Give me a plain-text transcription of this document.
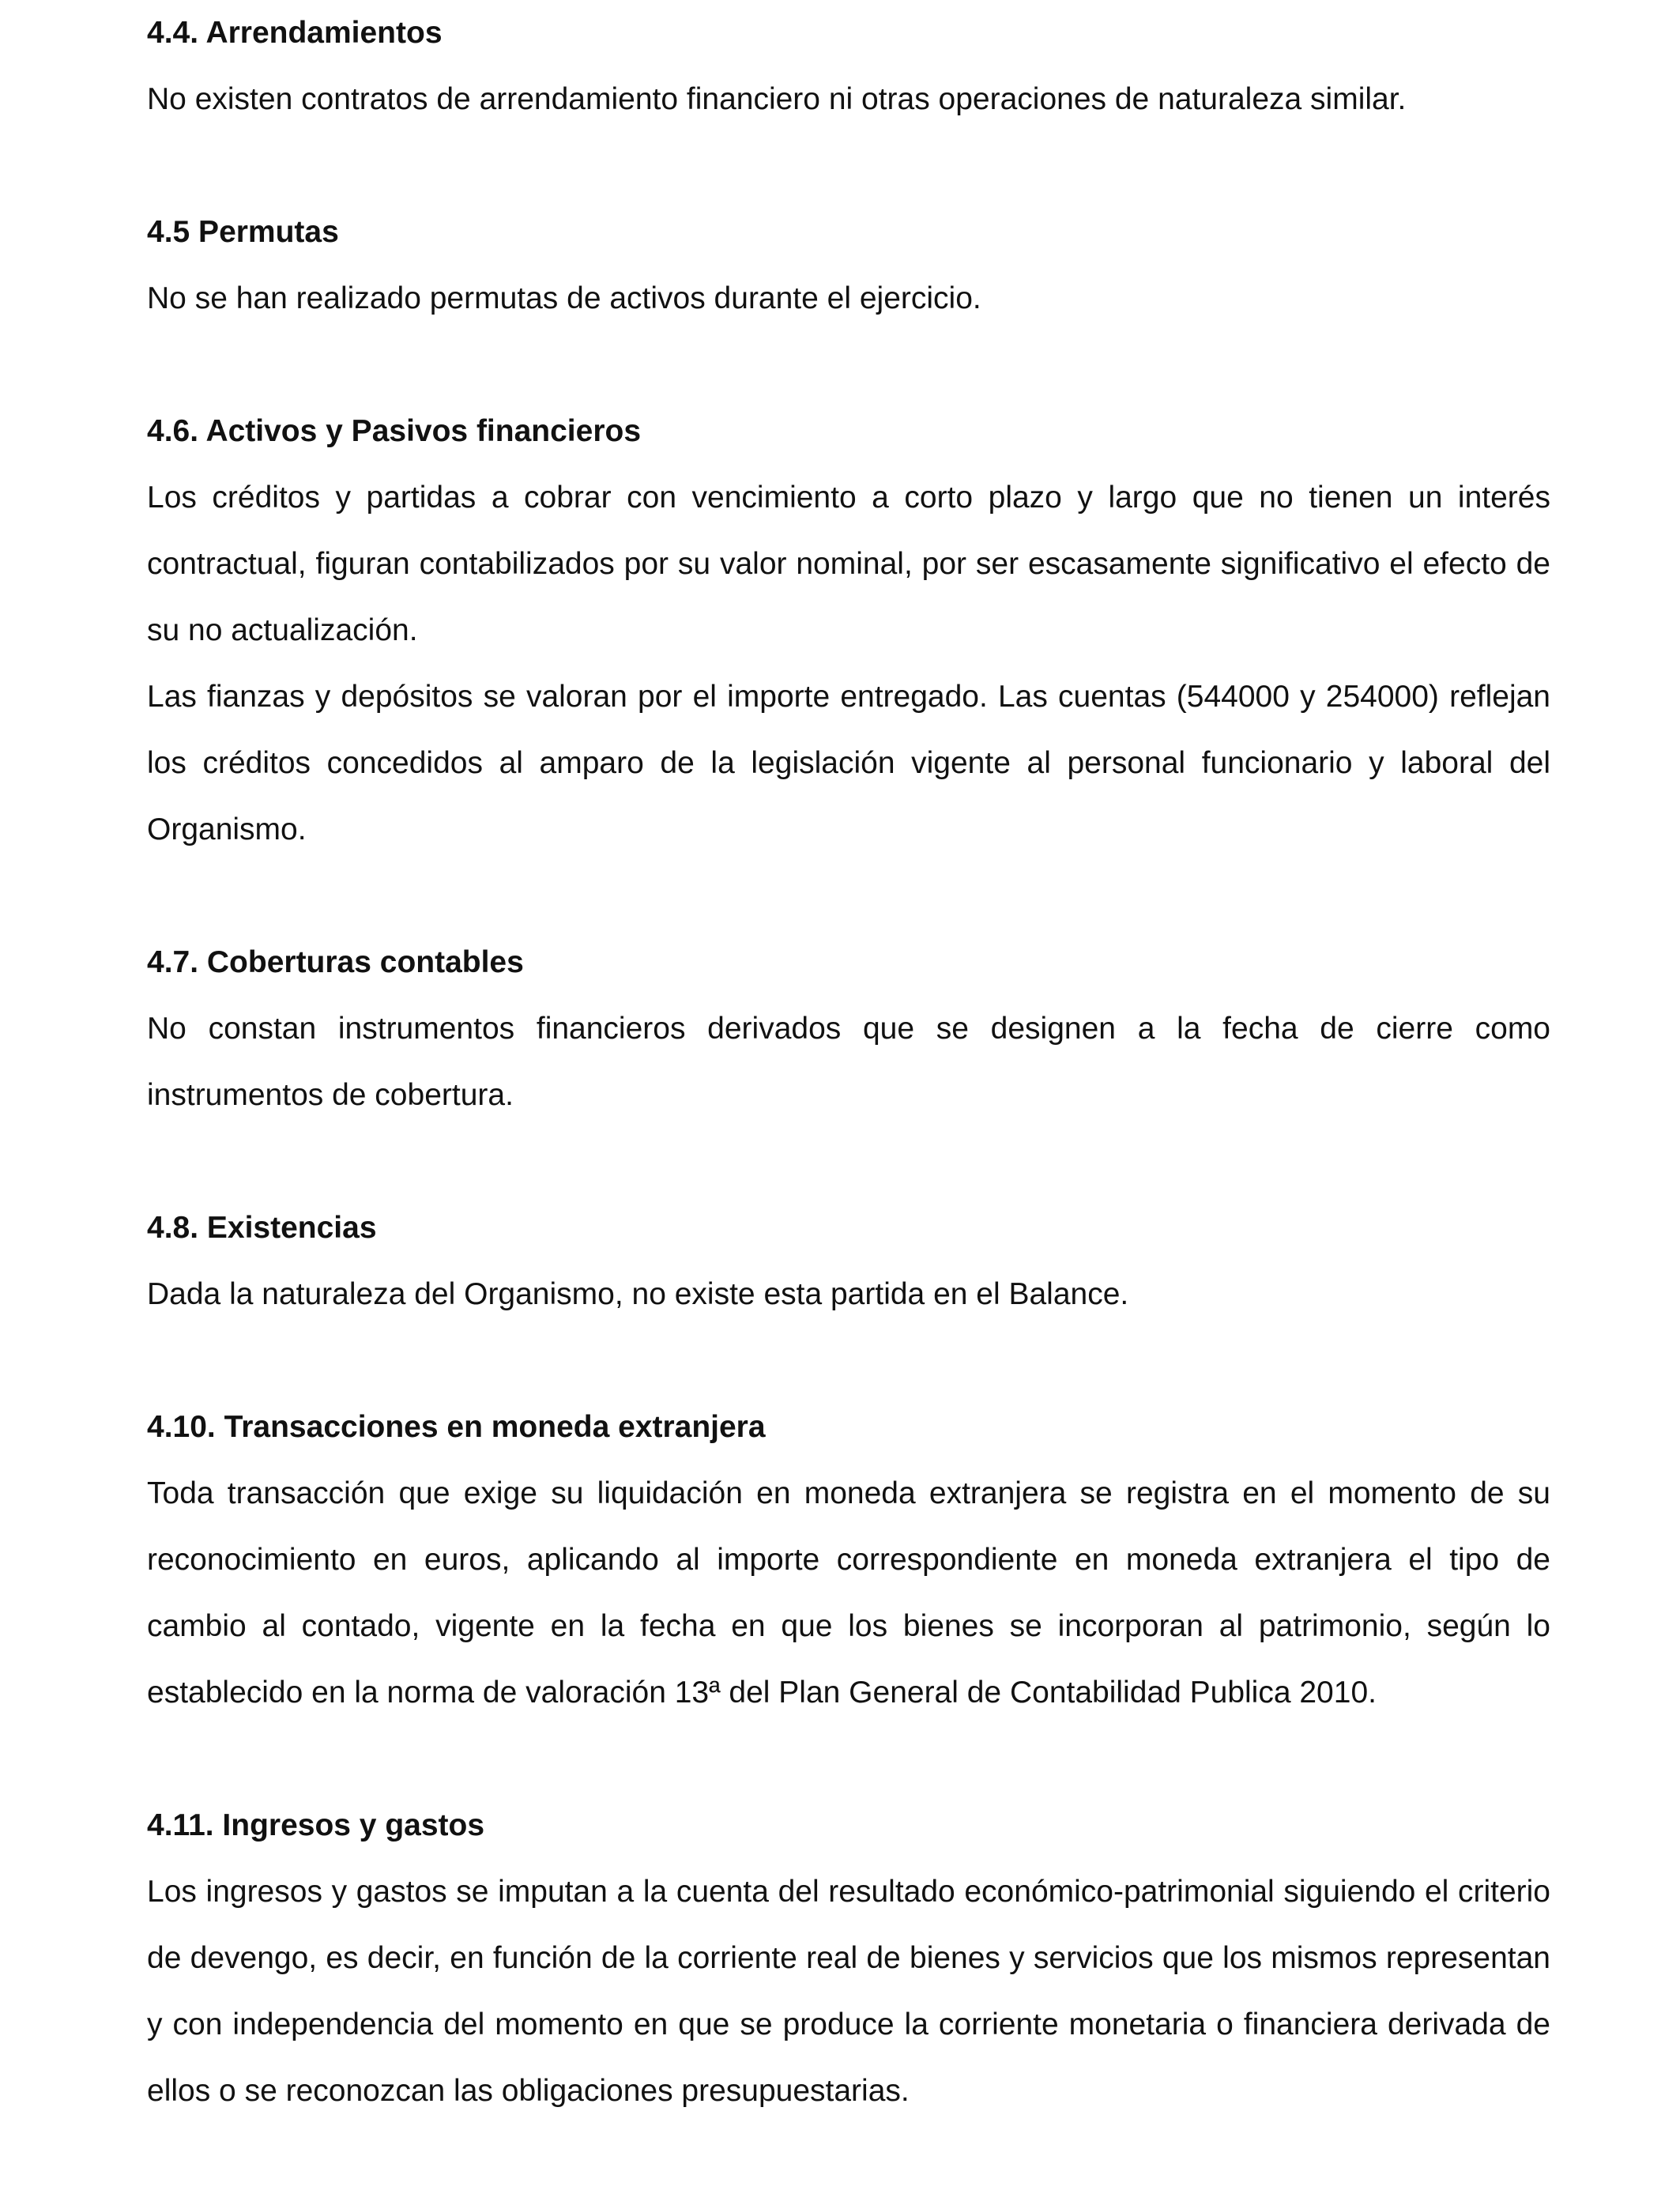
4.4. Arrendamientos

No existen contratos de arrendamiento financiero ni otras operaciones de naturaleza similar.

4.5 Permutas

No se han realizado permutas de activos durante el ejercicio.

4.6. Activos y Pasivos financieros

Los créditos y partidas a cobrar con vencimiento a corto plazo y largo que no tienen un interés contractual, figuran contabilizados por su valor nominal, por ser escasamente significativo el efecto de su no actualización.

Las fianzas y depósitos se valoran por el importe entregado. Las cuentas (544000 y 254000) reflejan los créditos concedidos al amparo de la legislación vigente al personal funcionario y laboral del Organismo.

4.7. Coberturas contables

No constan instrumentos financieros derivados que se designen a la fecha de cierre como instrumentos de cobertura.

4.8. Existencias

Dada la naturaleza del Organismo, no existe esta partida en el Balance.

4.10. Transacciones en moneda extranjera

Toda transacción que exige su liquidación en moneda extranjera se registra en el momento de su reconocimiento en euros, aplicando al importe correspondiente en moneda extranjera el tipo de cambio al contado, vigente en la fecha en que los bienes se incorporan al patrimonio, según lo establecido en la norma de valoración 13ª del Plan General de Contabilidad Publica 2010.

4.11. Ingresos y gastos

Los ingresos y gastos se imputan a la cuenta del resultado económico-patrimonial siguiendo el criterio de devengo, es decir, en función de la corriente real de bienes y servicios que los mismos representan y con independencia del momento en que se produce la corriente monetaria o financiera derivada de ellos o se reconozcan las obligaciones presupuestarias.
